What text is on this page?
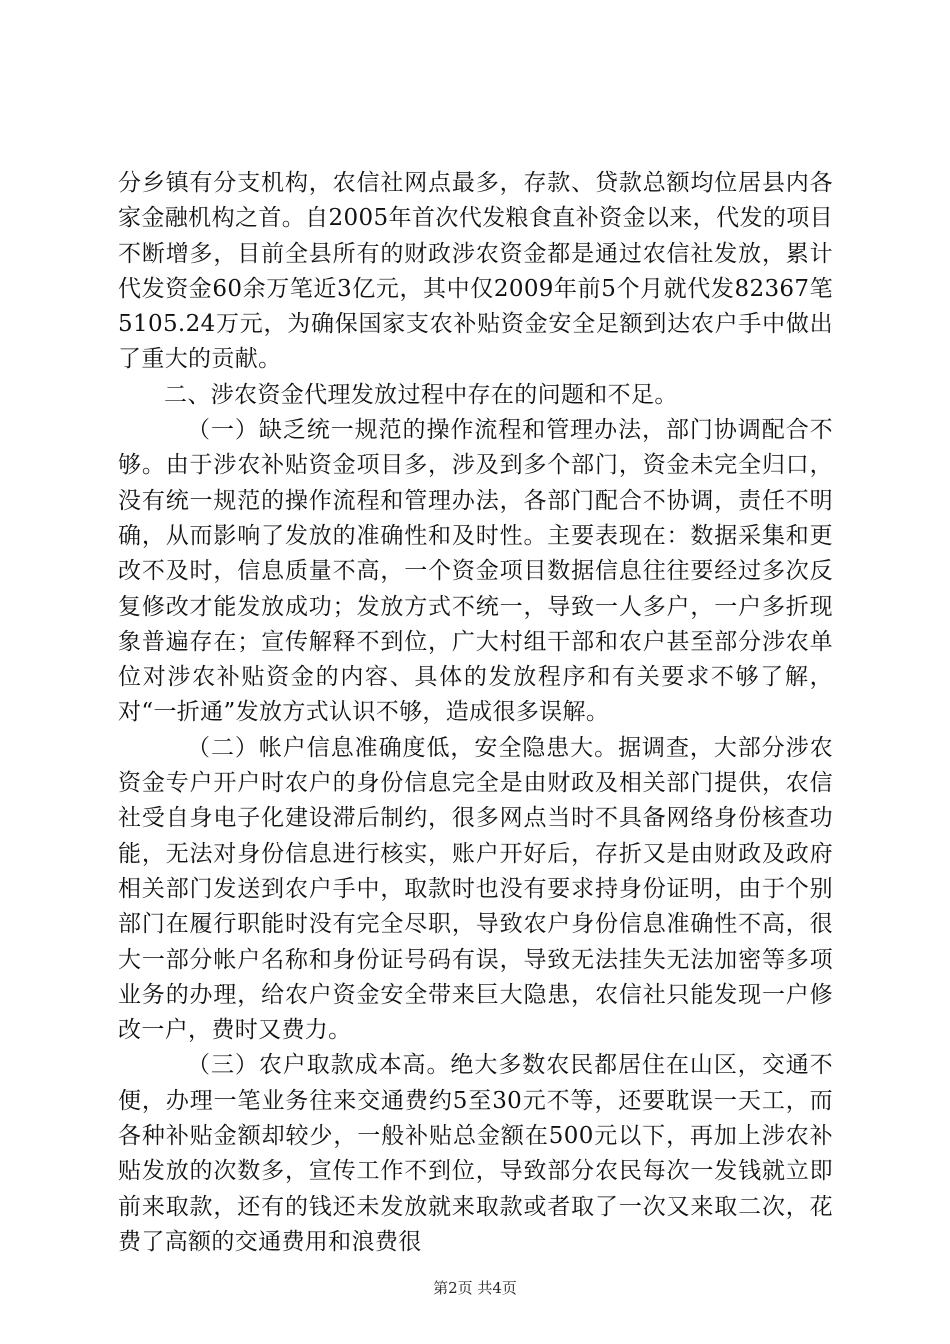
分乡镇有分支机构，农信社网点最多，存款、贷款总额均位居县内各家金融机构之首。自2005年首次代发粮食直补资金以来，代发的项目不断增多，目前全县所有的财政涉农资金都是通过农信社发放，累计代发资金60余万笔近3亿元，其中仅2009年前5个月就代发82367笔5105.24万元，为确保国家支农补贴资金安全足额到达农户手中做出了重大的贡献。

二、涉农资金代理发放过程中存在的问题和不足。

（一）缺乏统一规范的操作流程和管理办法，部门协调配合不够。由于涉农补贴资金项目多，涉及到多个部门，资金未完全归口，没有统一规范的操作流程和管理办法，各部门配合不协调，责任不明确，从而影响了发放的准确性和及时性。主要表现在：数据采集和更改不及时，信息质量不高，一个资金项目数据信息往往要经过多次反复修改才能发放成功；发放方式不统一，导致一人多户，一户多折现象普遍存在；宣传解释不到位，广大村组干部和农户甚至部分涉农单位对涉农补贴资金的内容、具体的发放程序和有关要求不够了解，对“一折通”发放方式认识不够，造成很多误解。

（二）帐户信息准确度低，安全隐患大。据调查，大部分涉农资金专户开户时农户的身份信息完全是由财政及相关部门提供，农信社受自身电子化建设滞后制约，很多网点当时不具备网络身份核查功能，无法对身份信息进行核实，账户开好后，存折又是由财政及政府相关部门发送到农户手中，取款时也没有要求持身份证明，由于个别部门在履行职能时没有完全尽职，导致农户身份信息准确性不高，很大一部分帐户名称和身份证号码有误，导致无法挂失无法加密等多项业务的办理，给农户资金安全带来巨大隐患，农信社只能发现一户修改一户，费时又费力。

（三）农户取款成本高。绝大多数农民都居住在山区，交通不便，办理一笔业务往来交通费约5至30元不等，还要耽误一天工，而各种补贴金额却较少，一般补贴总金额在500元以下，再加上涉农补贴发放的次数多，宣传工作不到位，导致部分农民每次一发钱就立即前来取款，还有的钱还未发放就来取款或者取了一次又来取二次，花费了高额的交通费用和浪费很

第2页 共4页
